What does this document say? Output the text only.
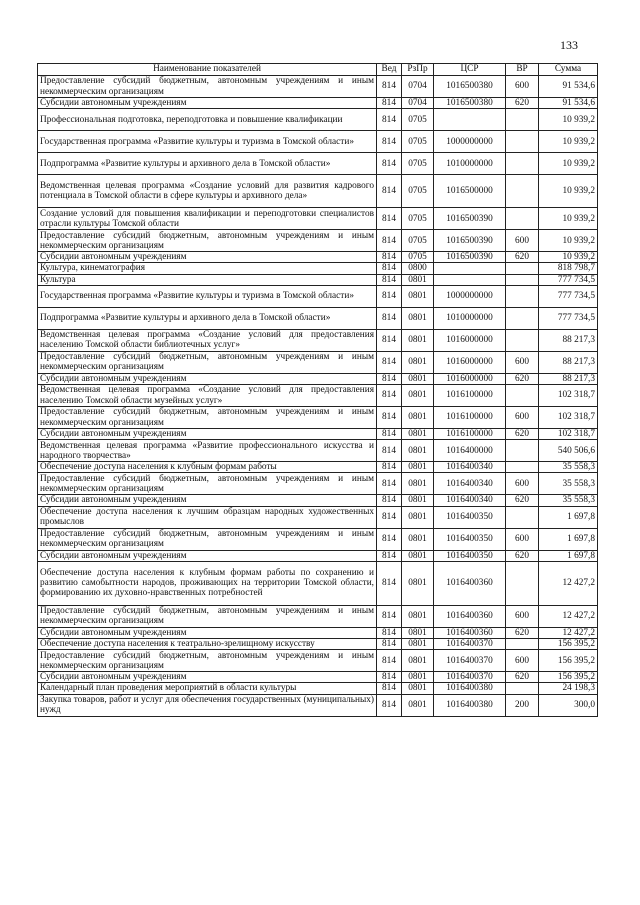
133
Наименование показателей	Вед	РзПр	ЦСР	ВР	Сумма
Предоставление субсидий бюджетным, автономным учреждениям и иным некоммерческим организациям	814	0704	1016500380	600	91 534,6
Субсидии автономным учреждениям	814	0704	1016500380	620	91 534,6
Профессиональная подготовка, переподготовка и повышение квалификации	814	0705			10 939,2
Государственная программа «Развитие культуры и туризма в Томской области»	814	0705	1000000000		10 939,2
Подпрограмма «Развитие культуры и архивного дела в Томской области»	814	0705	1010000000		10 939,2
Ведомственная целевая программа «Создание условий для развития кадрового потенциала в Томской области в сфере культуры и архивного дела»	814	0705	1016500000		10 939,2
Создание условий для повышения квалификации и переподготовки специалистов отрасли культуры Томской области	814	0705	1016500390		10 939,2
Предоставление субсидий бюджетным, автономным учреждениям и иным некоммерческим организациям	814	0705	1016500390	600	10 939,2
Субсидии автономным учреждениям	814	0705	1016500390	620	10 939,2
Культура, кинематография	814	0800			818 798,7
Культура	814	0801			777 734,5
Государственная программа «Развитие культуры и туризма в Томской области»	814	0801	1000000000		777 734,5
Подпрограмма «Развитие культуры и архивного дела в Томской области»	814	0801	1010000000		777 734,5
Ведомственная целевая программа «Создание условий для предоставления населению Томской области библиотечных услуг»	814	0801	1016000000		88 217,3
Предоставление субсидий бюджетным, автономным учреждениям и иным некоммерческим организациям	814	0801	1016000000	600	88 217,3
Субсидии автономным учреждениям	814	0801	1016000000	620	88 217,3
Ведомственная целевая программа «Создание условий для предоставления населению Томской области музейных услуг»	814	0801	1016100000		102 318,7
Предоставление субсидий бюджетным, автономным учреждениям и иным некоммерческим организациям	814	0801	1016100000	600	102 318,7
Субсидии автономным учреждениям	814	0801	1016100000	620	102 318,7
Ведомственная целевая программа «Развитие профессионального искусства и народного творчества»	814	0801	1016400000		540 506,6
Обеспечение доступа населения к клубным формам работы	814	0801	1016400340		35 558,3
Предоставление субсидий бюджетным, автономным учреждениям и иным некоммерческим организациям	814	0801	1016400340	600	35 558,3
Субсидии автономным учреждениям	814	0801	1016400340	620	35 558,3
Обеспечение доступа населения к лучшим образцам народных художественных промыслов	814	0801	1016400350		1 697,8
Предоставление субсидий бюджетным, автономным учреждениям и иным некоммерческим организациям	814	0801	1016400350	600	1 697,8
Субсидии автономным учреждениям	814	0801	1016400350	620	1 697,8
Обеспечение доступа населения к клубным формам работы по сохранению и развитию самобытности народов, проживающих на территории Томской области, формированию их духовно-нравственных потребностей	814	0801	1016400360		12 427,2
Предоставление субсидий бюджетным, автономным учреждениям и иным некоммерческим организациям	814	0801	1016400360	600	12 427,2
Субсидии автономным учреждениям	814	0801	1016400360	620	12 427,2
Обеспечение доступа населения к театрально-зрелищному искусству	814	0801	1016400370		156 395,2
Предоставление субсидий бюджетным, автономным учреждениям и иным некоммерческим организациям	814	0801	1016400370	600	156 395,2
Субсидии автономным учреждениям	814	0801	1016400370	620	156 395,2
Календарный план проведения мероприятий в области культуры	814	0801	1016400380		24 198,3
Закупка товаров, работ и услуг для обеспечения государственных (муниципальных) нужд	814	0801	1016400380	200	300,0
